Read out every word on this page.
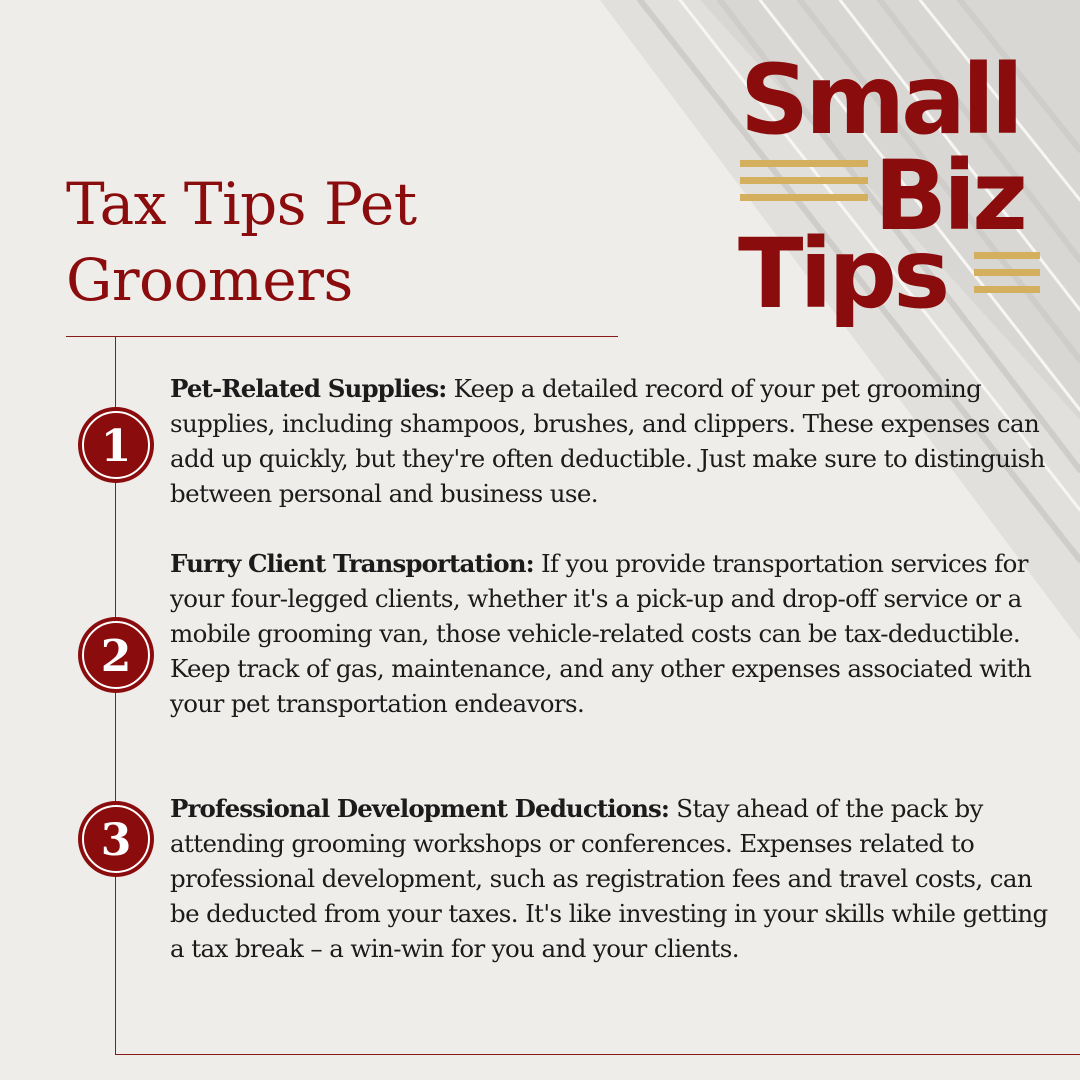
Tax Tips Pet Groomers
Small
Biz
Tips
1

Pet-Related Supplies: Keep a detailed record of your pet grooming supplies, including shampoos, brushes, and clippers. These expenses can add up quickly, but they're often deductible. Just make sure to distinguish between personal and business use.

2

Furry Client Transportation: If you provide transportation services for your four-legged clients, whether it's a pick-up and drop-off service or a mobile grooming van, those vehicle-related costs can be tax-deductible. Keep track of gas, maintenance, and any other expenses associated with your pet transportation endeavors.

3

Professional Development Deductions: Stay ahead of the pack by attending grooming workshops or conferences. Expenses related to professional development, such as registration fees and travel costs, can be deducted from your taxes. It's like investing in your skills while getting a tax break – a win-win for you and your clients.
